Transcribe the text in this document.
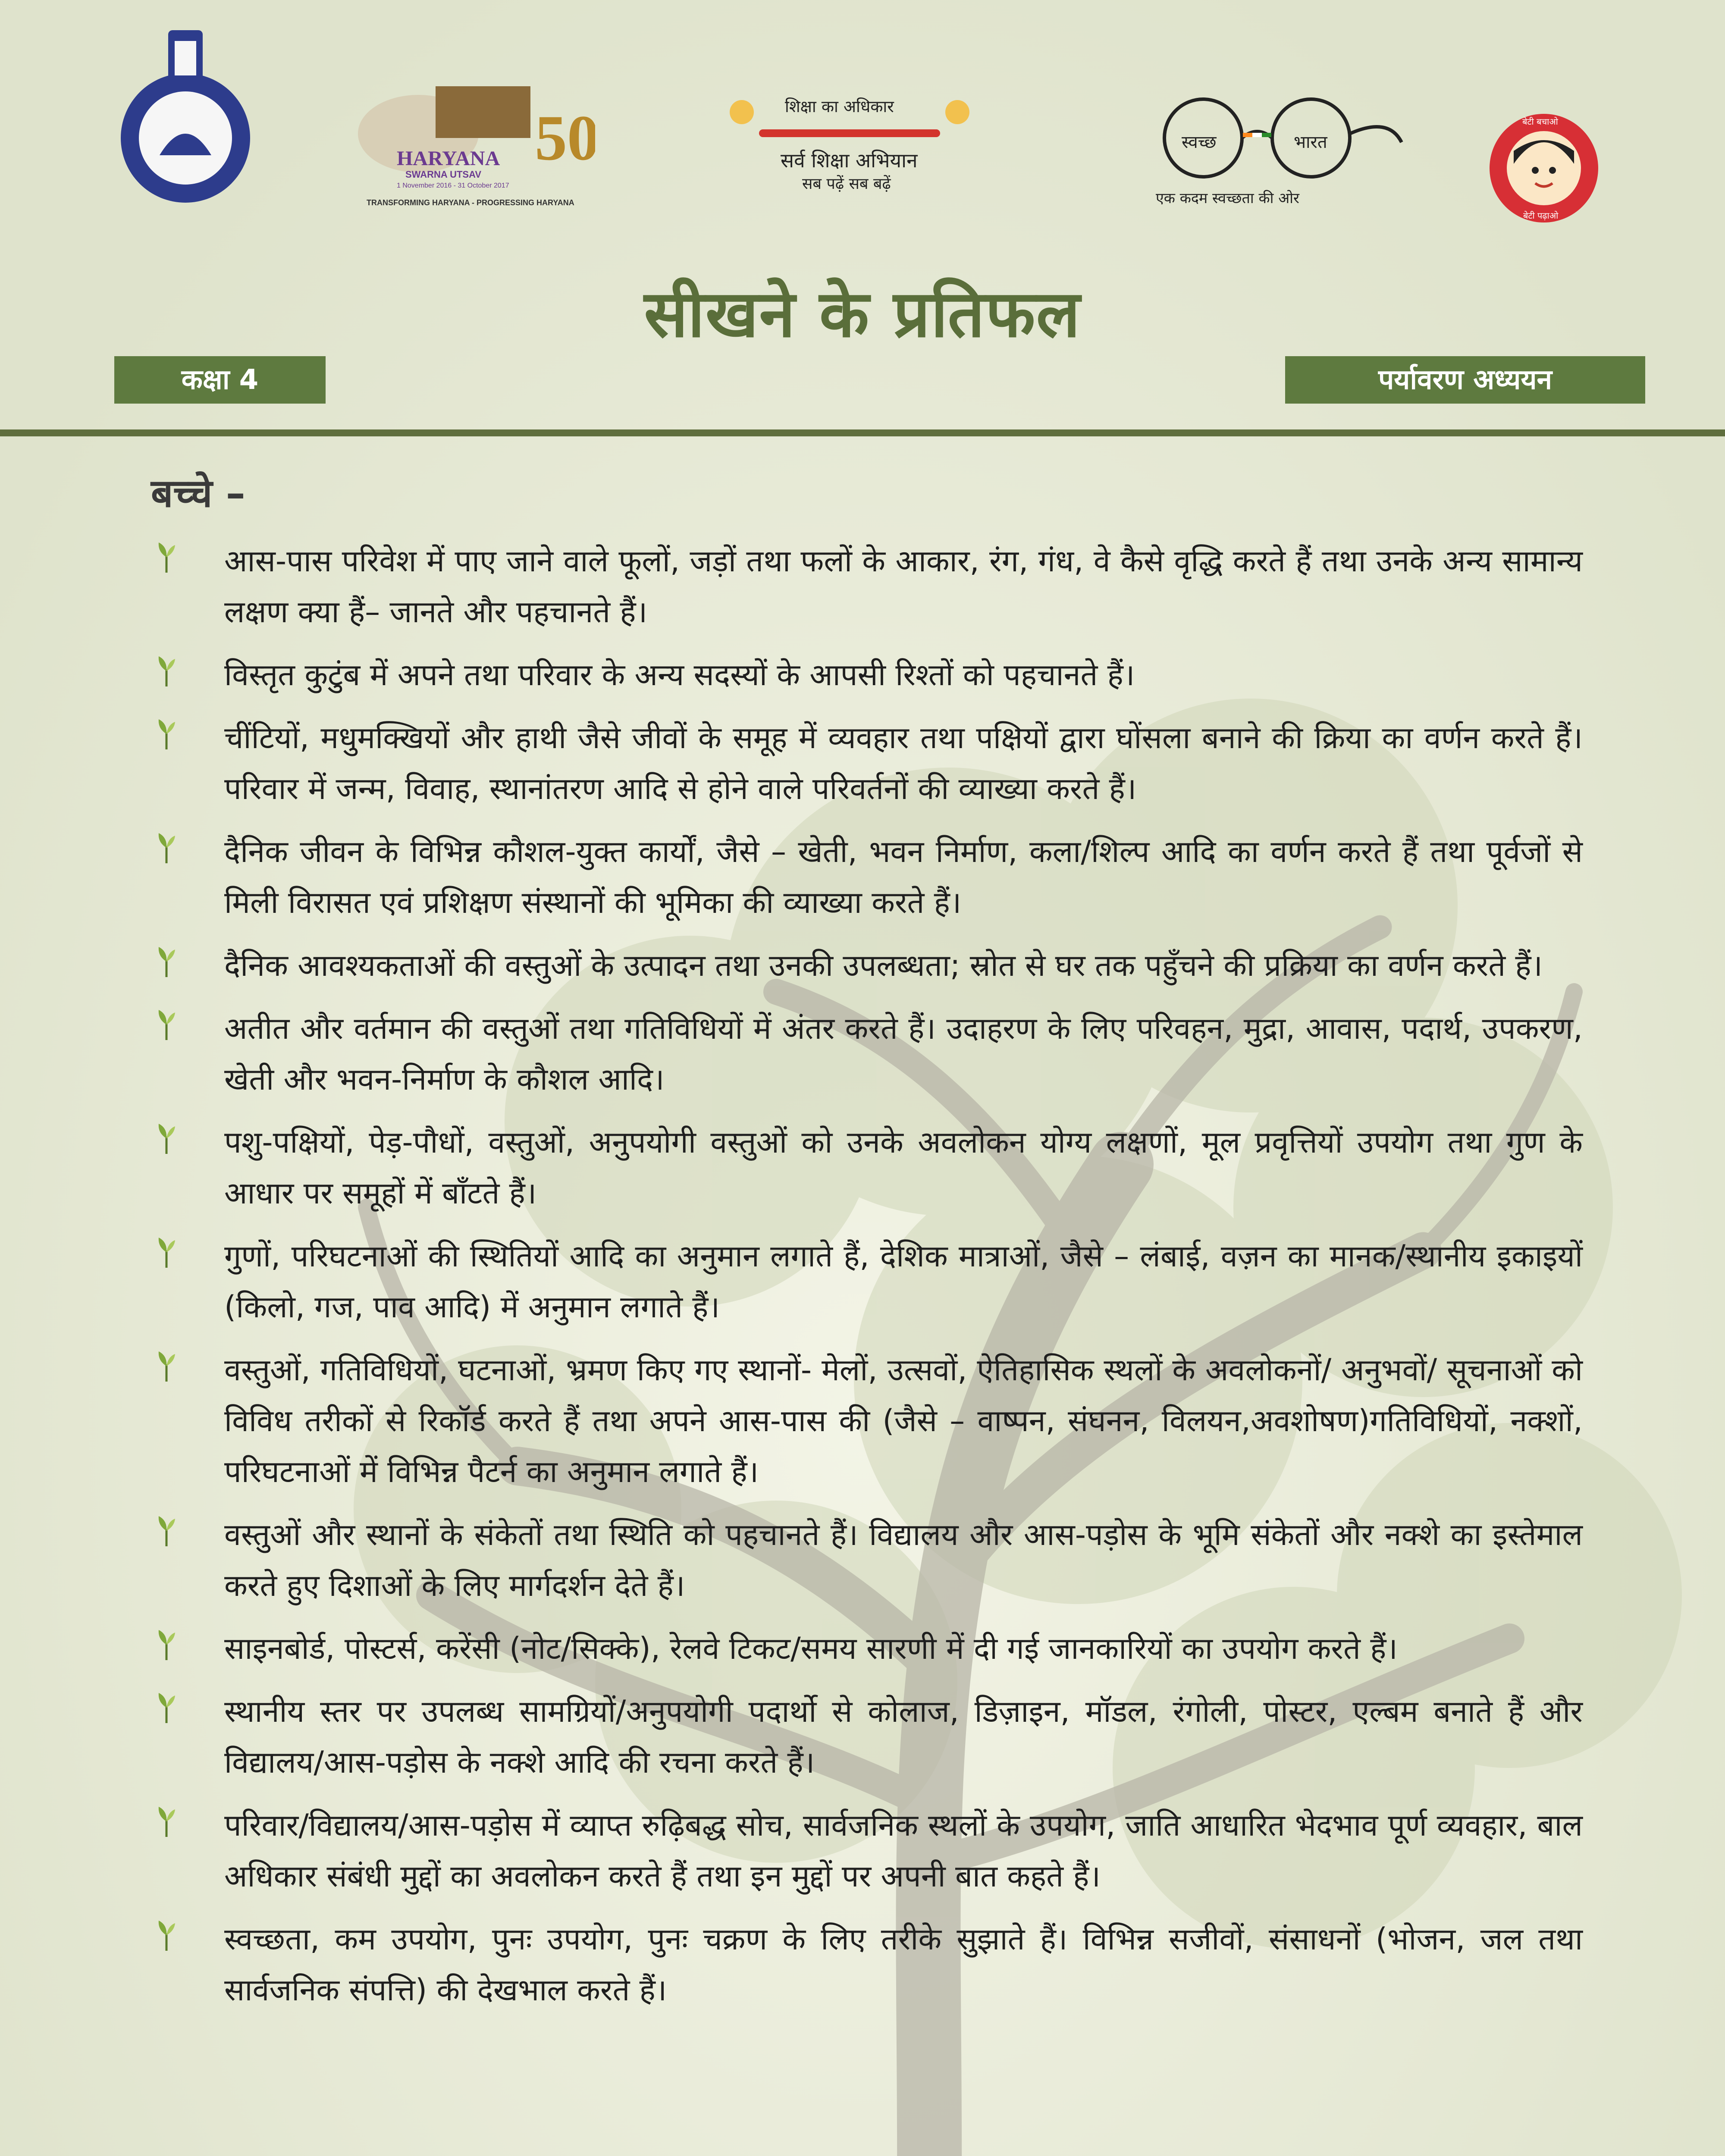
50
HARYANA
SWARNA UTSAV
1 November 2016 - 31 October 2017
TRANSFORMING HARYANA - PROGRESSING HARYANA
शिक्षा का अधिकार
सर्व शिक्षा अभियान
सब पढ़ें सब बढ़ें
स्वच्छ	भारत
एक कदम स्वच्छता की ओर
बेटी बचाओ
बेटी पढ़ाओ
सीखने के प्रतिफल
कक्षा 4	पर्यावरण अध्ययन
बच्चे –
आस-पास परिवेश में पाए जाने वाले फूलों, जड़ों तथा फलों के आकार, रंग, गंध, वे कैसे वृद्धि करते हैं तथा उनके अन्य सामान्य लक्षण क्या हैं– जानते और पहचानते हैं।
विस्तृत कुटुंब में अपने तथा परिवार के अन्य सदस्यों के आपसी रिश्तों को पहचानते हैं।
चींटियों, मधुमक्खियों और हाथी जैसे जीवों के समूह में व्यवहार तथा पक्षियों द्वारा घोंसला बनाने की क्रिया का वर्णन करते हैं। परिवार में जन्म, विवाह, स्थानांतरण आदि से होने वाले परिवर्तनों की व्याख्या करते हैं।
दैनिक जीवन के विभिन्न कौशल-युक्त कार्यों, जैसे – खेती, भवन निर्माण, कला/शिल्प आदि का वर्णन करते हैं तथा पूर्वजों से मिली विरासत एवं प्रशिक्षण संस्थानों की भूमिका की व्याख्या करते हैं।
दैनिक आवश्यकताओं की वस्तुओं के उत्पादन तथा उनकी उपलब्धता; स्रोत से घर तक पहुँचने की प्रक्रिया का वर्णन करते हैं।
अतीत और वर्तमान की वस्तुओं तथा गतिविधियों में अंतर करते हैं। उदाहरण के लिए परिवहन, मुद्रा, आवास, पदार्थ, उपकरण, खेती और भवन-निर्माण के कौशल आदि।
पशु-पक्षियों, पेड़-पौधों, वस्तुओं, अनुपयोगी वस्तुओं को उनके अवलोकन योग्य लक्षणों, मूल प्रवृत्तियों उपयोग तथा गुण के आधार पर समूहों में बाँटते हैं।
गुणों, परिघटनाओं की स्थितियों आदि का अनुमान लगाते हैं, देशिक मात्राओं, जैसे – लंबाई, वज़न का मानक/स्थानीय इकाइयों (किलो, गज, पाव आदि) में अनुमान लगाते हैं।
वस्तुओं, गतिविधियों, घटनाओं, भ्रमण किए गए स्थानों- मेलों, उत्सवों, ऐतिहासिक स्थलों के अवलोकनों/ अनुभवों/ सूचनाओं को विविध तरीकों से रिकॉर्ड करते हैं तथा अपने आस-पास की (जैसे – वाष्पन, संघनन, विलयन,अवशोषण)गतिविधियों, नक्शों, परिघटनाओं में विभिन्न पैटर्न का अनुमान लगाते हैं।
वस्तुओं और स्थानों के संकेतों तथा स्थिति को पहचानते हैं। विद्यालय और आस-पड़ोस के भूमि संकेतों और नक्शे का इस्तेमाल करते हुए दिशाओं के लिए मार्गदर्शन देते हैं।
साइनबोर्ड, पोस्टर्स, करेंसी (नोट/सिक्के), रेलवे टिकट/समय सारणी में दी गई जानकारियों का उपयोग करते हैं।
स्थानीय स्तर पर उपलब्ध सामग्रियों/अनुपयोगी पदार्थो से कोलाज, डिज़ाइन, मॉडल, रंगोली, पोस्टर, एल्बम बनाते हैं और विद्यालय/आस-पड़ोस के नक्शे आदि की रचना करते हैं।
परिवार/विद्यालय/आस-पड़ोस में व्याप्त रुढ़िबद्ध सोच, सार्वजनिक स्थलों के उपयोग, जाति आधारित भेदभाव पूर्ण व्यवहार, बाल अधिकार संबंधी मुद्दों का अवलोकन करते हैं तथा इन मुद्दों पर अपनी बात कहते हैं।
स्वच्छता, कम उपयोग, पुनः उपयोग, पुनः चक्रण के लिए तरीके सुझाते हैं। विभिन्न सजीवों, संसाधनों (भोजन, जल तथा सार्वजनिक संपत्ति) की देखभाल करते हैं।
